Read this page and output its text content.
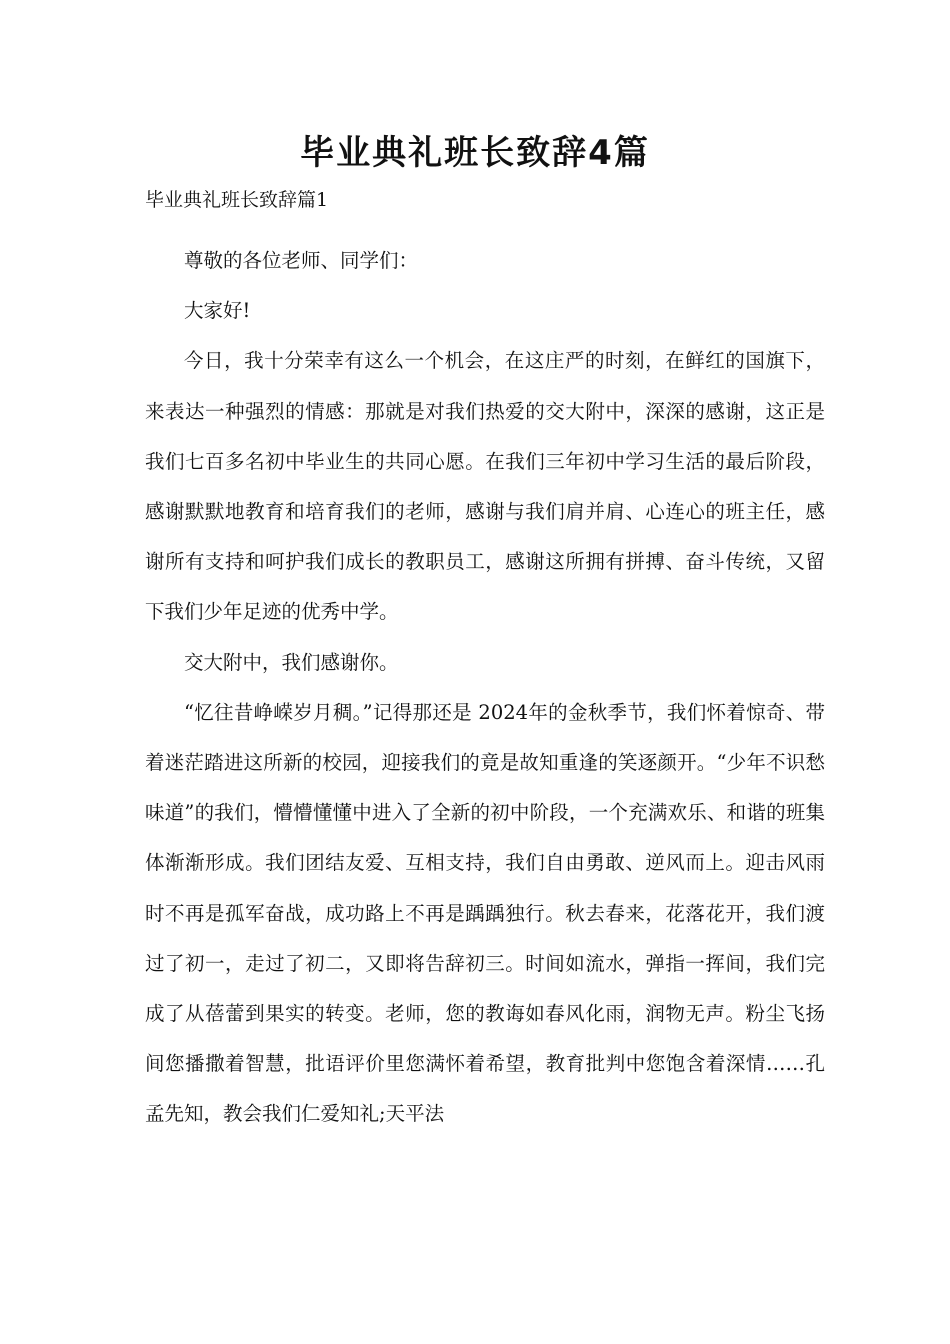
毕业典礼班长致辞4篇
毕业典礼班长致辞篇1

尊敬的各位老师、同学们：

大家好!

今日，我十分荣幸有这么一个机会，在这庄严的时刻，在鲜红的国旗下，来表达一种强烈的情感：那就是对我们热爱的交大附中，深深的感谢，这正是我们七百多名初中毕业生的共同心愿。在我们三年初中学习生活的最后阶段，感谢默默地教育和培育我们的老师，感谢与我们肩并肩、心连心的班主任，感谢所有支持和呵护我们成长的教职员工，感谢这所拥有拼搏、奋斗传统，又留下我们少年足迹的优秀中学。

交大附中，我们感谢你。

“忆往昔峥嵘岁月稠。”记得那还是 2024年的金秋季节，我们怀着惊奇、带着迷茫踏进这所新的校园，迎接我们的竟是故知重逢的笑逐颜开。“少年不识愁味道”的我们，懵懵懂懂中进入了全新的初中阶段，一个充满欢乐、和谐的班集体渐渐形成。我们团结友爱、互相支持，我们自由勇敢、逆风而上。迎击风雨时不再是孤军奋战，成功路上不再是踽踽独行。秋去春来，花落花开，我们渡过了初一，走过了初二，又即将告辞初三。时间如流水，弹指一挥间，我们完成了从蓓蕾到果实的转变。老师，您的教诲如春风化雨，润物无声。粉尘飞扬间您播撒着智慧，批语评价里您满怀着希望，教育批判中您饱含着深情……孔孟先知，教会我们仁爱知礼;天平法
